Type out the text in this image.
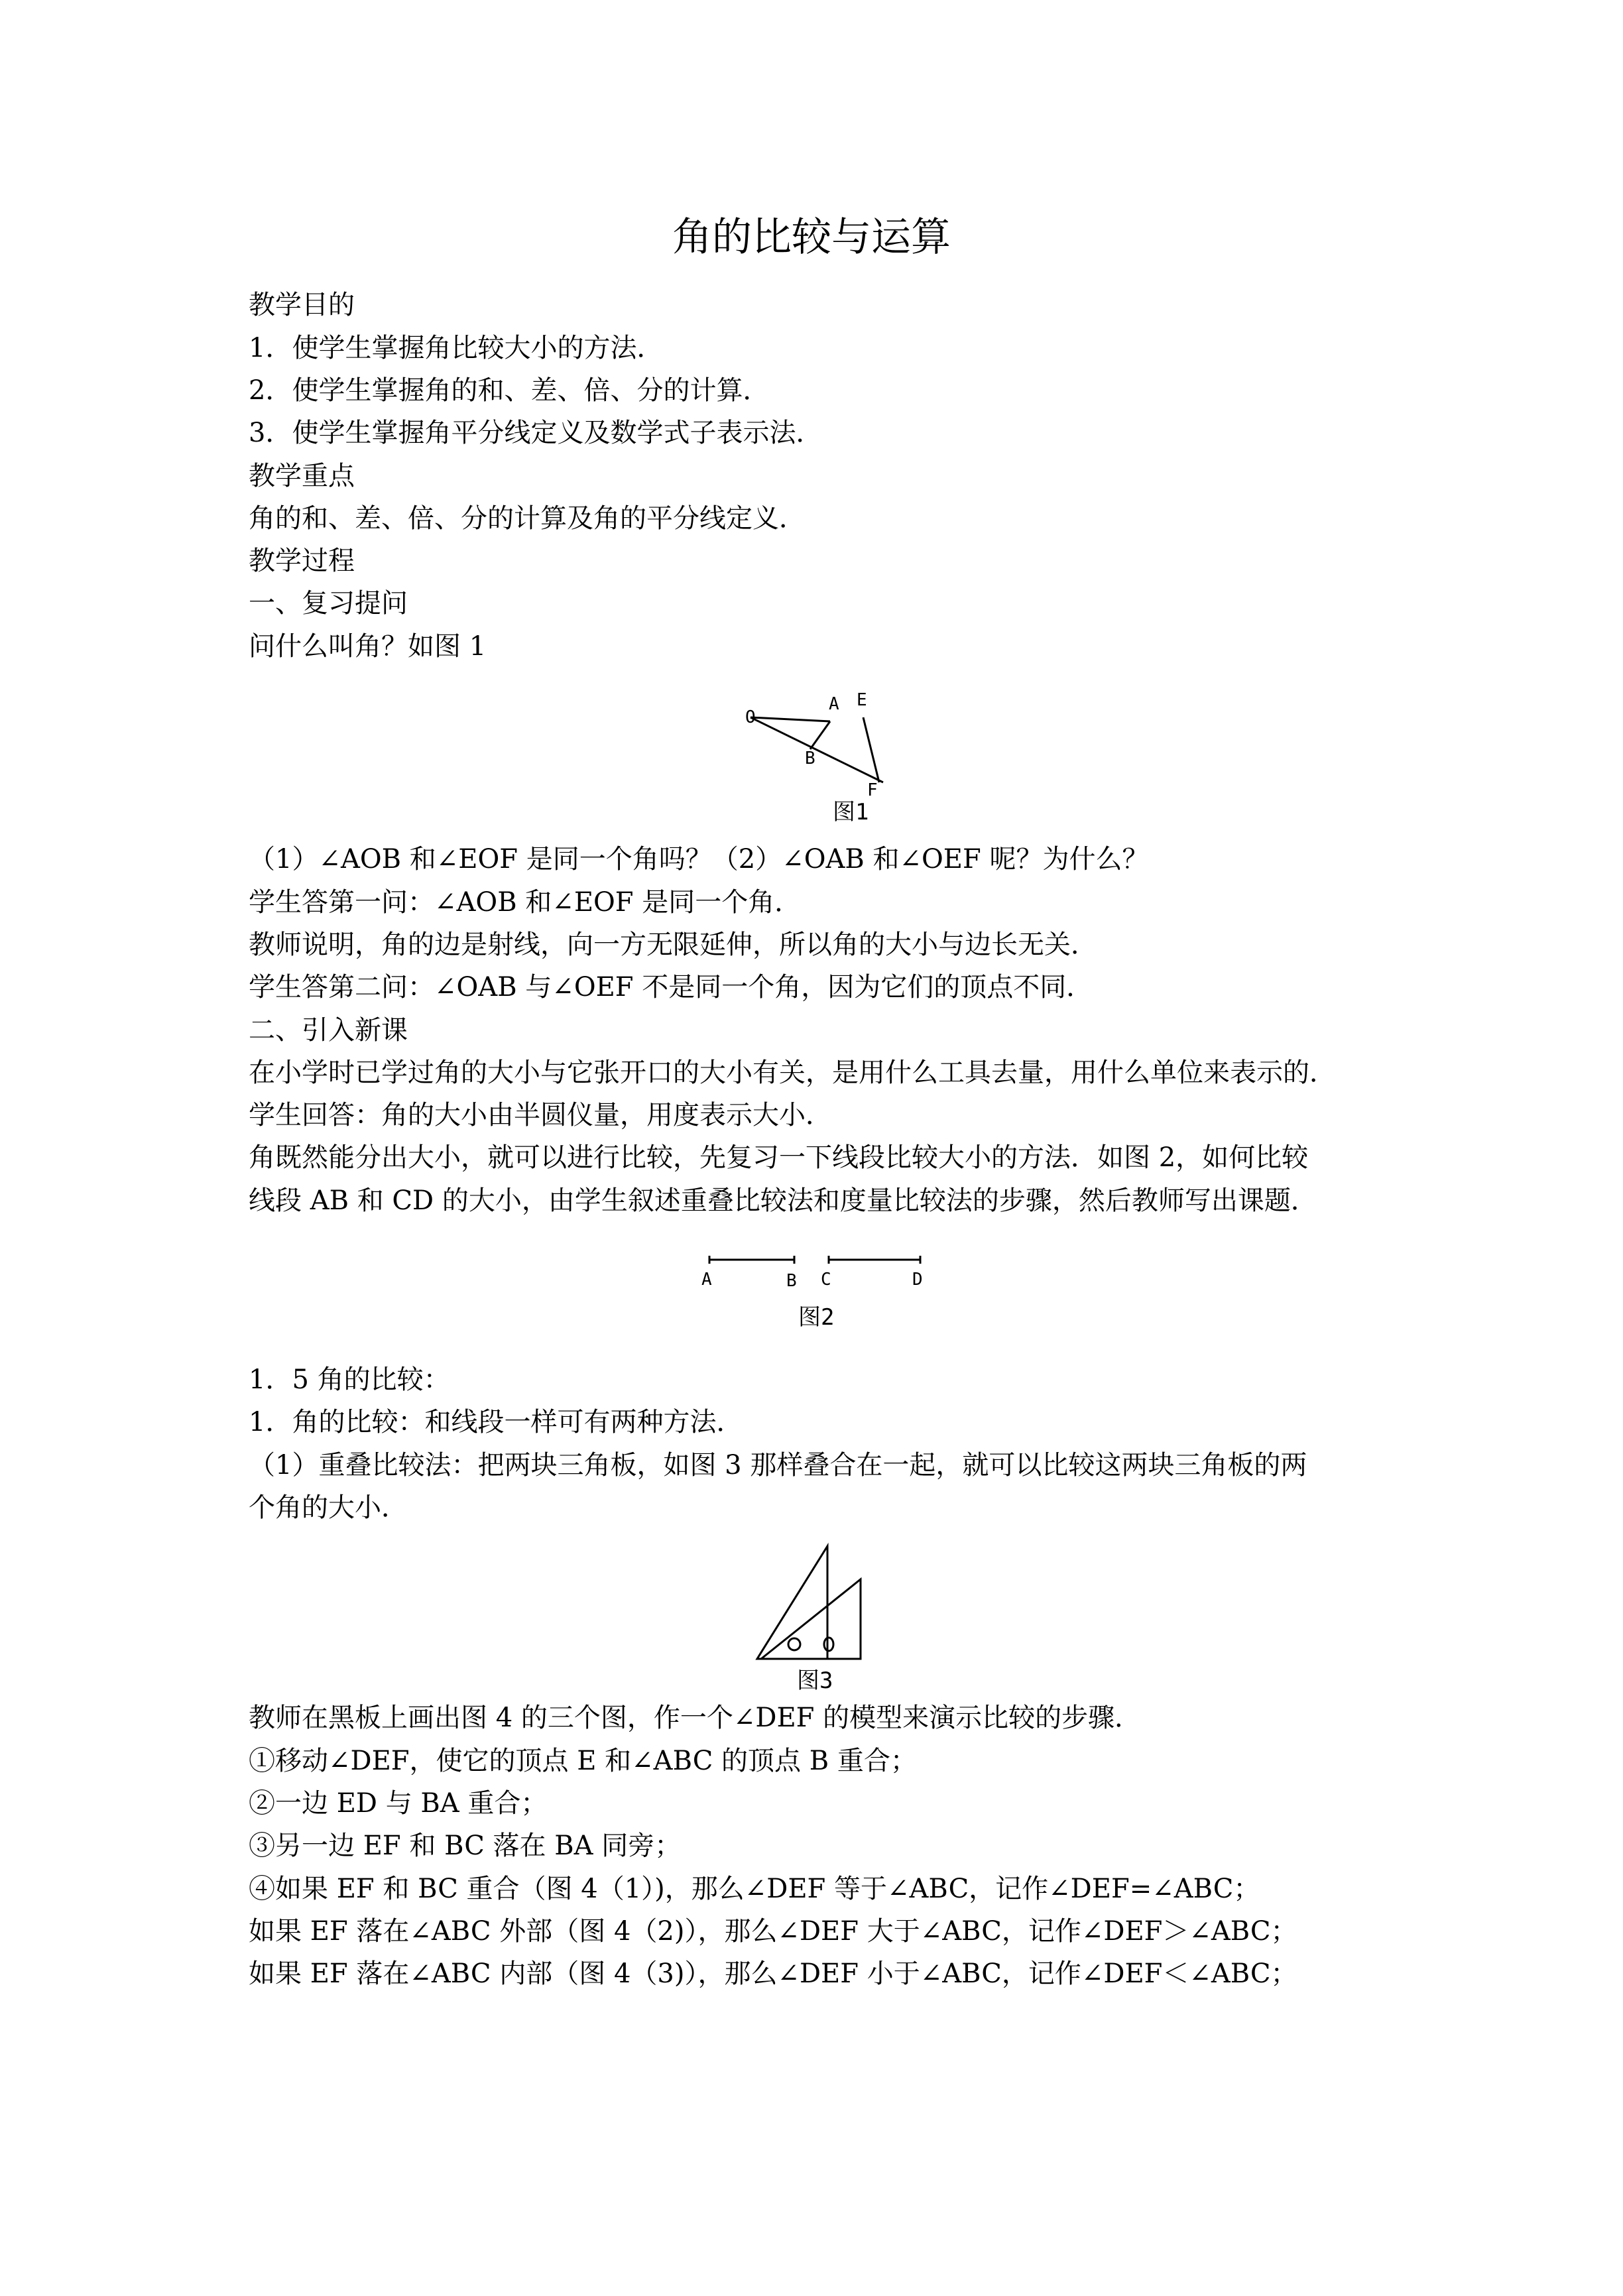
角的比较与运算
教学目的
1．使学生掌握角比较大小的方法．
2．使学生掌握角的和、差、倍、分的计算．
3．使学生掌握角平分线定义及数学式子表示法．
教学重点
角的和、差、倍、分的计算及角的平分线定义．
教学过程
一、复习提问
问什么叫角？如图 1
O
A E
B
F
图1
（1）∠AOB 和∠EOF 是同一个角吗？（2）∠OAB 和∠OEF 呢？为什么？
学生答第一问：∠AOB 和∠EOF 是同一个角．
教师说明，角的边是射线，向一方无限延伸，所以角的大小与边长无关．
学生答第二问：∠OAB 与∠OEF 不是同一个角，因为它们的顶点不同．
二、引入新课
在小学时已学过角的大小与它张开口的大小有关，是用什么工具去量，用什么单位来表示的．
学生回答：角的大小由半圆仪量，用度表示大小．
角既然能分出大小，就可以进行比较，先复习一下线段比较大小的方法．如图 2，如何比较
线段 AB 和 CD 的大小，由学生叙述重叠比较法和度量比较法的步骤，然后教师写出课题．
A	B C	D
图2
1．5 角的比较：
1．角的比较：和线段一样可有两种方法．
（1）重叠比较法：把两块三角板，如图 3 那样叠合在一起，就可以比较这两块三角板的两
个角的大小．
图3
教师在黑板上画出图 4 的三个图，作一个∠DEF 的模型来演示比较的步骤．
①移动∠DEF，使它的顶点 E 和∠ABC 的顶点 B 重合；
②一边 ED 与 BA 重合；
③另一边 EF 和 BC 落在 BA 同旁；
④如果 EF 和 BC 重合（图 4（1）)，那么∠DEF 等于∠ABC，记作∠DEF=∠ABC；
如果 EF 落在∠ABC 外部（图 4（2)），那么∠DEF 大于∠ABC，记作∠DEF＞∠ABC；
如果 EF 落在∠ABC 内部（图 4（3)），那么∠DEF 小于∠ABC，记作∠DEF＜∠ABC；
